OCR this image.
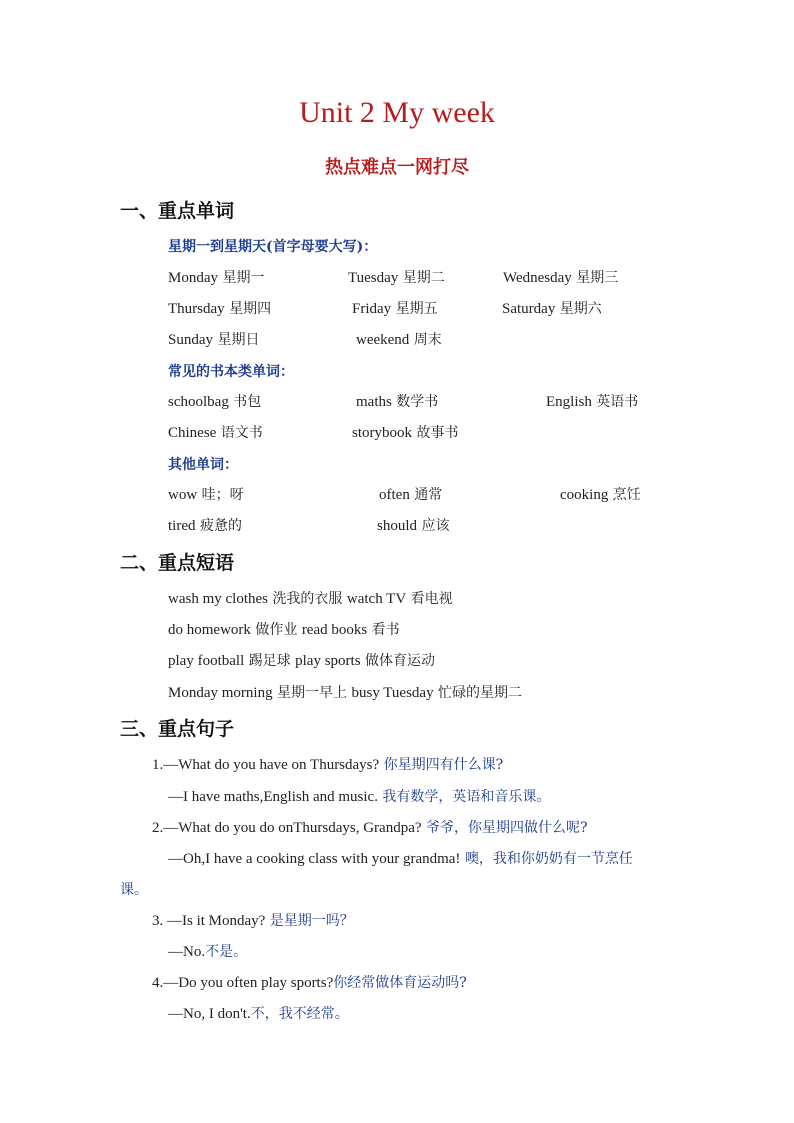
Unit 2 My week
热点难点一网打尽
一、重点单词
星期一到星期天(首字母要大写)：
Monday 星期一	Tuesday 星期二	Wednesday 星期三
Thursday 星期四	Friday 星期五	Saturday 星期六
Sunday 星期日	weekend 周末
常见的书本类单词：
schoolbag 书包	maths 数学书	English 英语书
Chinese 语文书	storybook 故事书
其他单词：
wow 哇；呀	often 通常	cooking 烹饪
tired 疲惫的	should 应该
二、重点短语
wash my clothes 洗我的衣服 watch TV 看电视
do homework 做作业 read books 看书
play football 踢足球 play sports 做体育运动
Monday morning 星期一早上 busy Tuesday 忙碌的星期二
三、重点句子
1.—What do you have on Thursdays? 你星期四有什么课?
—I have maths,English and music. 我有数学，英语和音乐课。
2.—What do you do onThursdays, Grandpa? 爷爷，你星期四做什么呢?
—Oh,I have a cooking class with your grandma! 噢，我和你奶奶有一节烹任
课。
3. —Is it Monday? 是星期一吗？
—No.不是。
4.—Do you often play sports?你经常做体育运动吗?
—No, I don't.不，我不经常。
